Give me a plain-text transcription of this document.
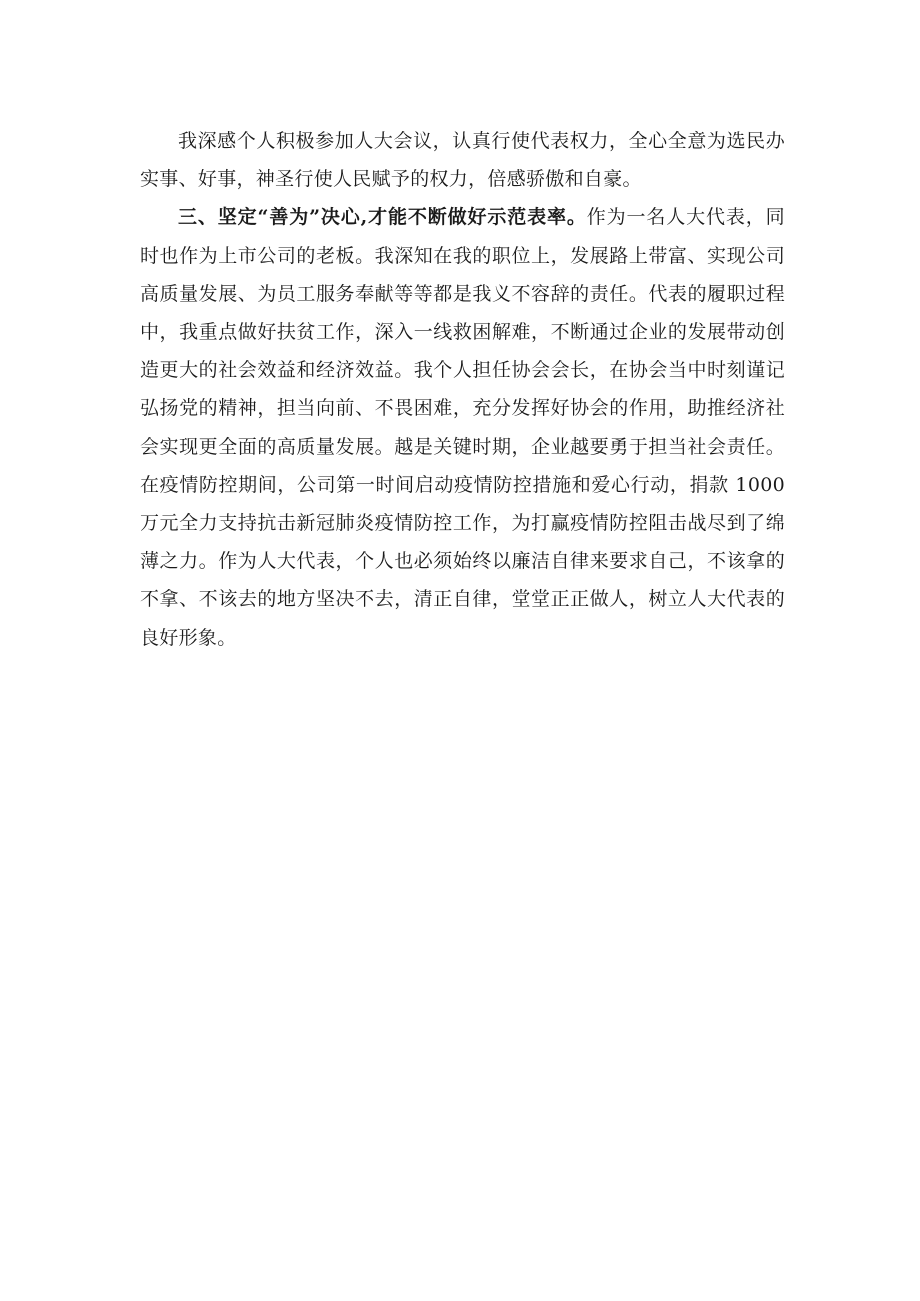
我深感个人积极参加人大会议，认真行使代表权力，全心全意为选民办实事、好事，神圣行使人民赋予的权力，倍感骄傲和自豪。

三、坚定“善为”决心,才能不断做好示范表率。作为一名人大代表，同时也作为上市公司的老板。我深知在我的职位上，发展路上带富、实现公司高质量发展、为员工服务奉献等等都是我义不容辞的责任。代表的履职过程中，我重点做好扶贫工作，深入一线救困解难，不断通过企业的发展带动创造更大的社会效益和经济效益。我个人担任协会会长，在协会当中时刻谨记弘扬党的精神，担当向前、不畏困难，充分发挥好协会的作用，助推经济社会实现更全面的高质量发展。越是关键时期，企业越要勇于担当社会责任。在疫情防控期间，公司第一时间启动疫情防控措施和爱心行动，捐款 1000 万元全力支持抗击新冠肺炎疫情防控工作，为打赢疫情防控阻击战尽到了绵薄之力。作为人大代表，个人也必须始终以廉洁自律来要求自己，不该拿的不拿、不该去的地方坚决不去，清正自律，堂堂正正做人，树立人大代表的良好形象。
